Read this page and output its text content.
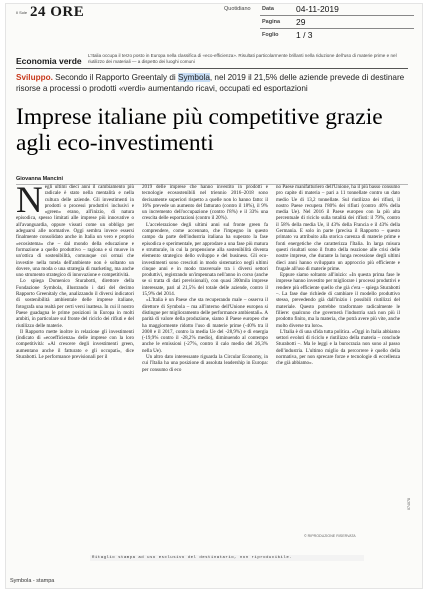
Il Sole 24 ORE	Quotidiano Data	04-11-2019
Pagina 29
Foglio 1 / 3
Economia verde
L'Italia occupa il terzo posto in Europa nella classifica di «eco-efficienza». Risultati particolarmente brillanti nella riduzione dell'uso di materie prime e nel riutilizzo dei materiali — a dispetto dei luoghi comuni
Sviluppo. Secondo il Rapporto Greentaly di Symbola, nel 2019 il 21,5% delle aziende prevede di destinare risorse a processi o prodotti «verdi» aumentando ricavi, occupati ed esportazioni
Imprese italiane più competitive grazie agli eco-investimenti
Giovanna Mancini

Negli ultimi dieci anni il cambiamento più radicale è stato nella mentalità e nella cultura delle aziende. Gli investimenti in prodotti o processi produttivi inclusivi e «green» erano, all'inizio, di natura episodica, spesso limitati alle imprese più innovative o all'avanguardia, oppure vissuti come un obbligo per adeguarsi alle normative. Oggi sembra invece essersi finalmente consolidato anche in Italia un vero e proprio «ecosistema» che – dal mondo della educazione e formazione a quello produttivo – ragiona e si muove in un'ottica di sostenibilità, comunque coi ormai che investire nella tutela dell'ambiente non è soltanto un dovere, una moda o una strategia di marketing, ma anche uno strumento strategico di innovazione e competitività.

Lo spiega Domenico Sturabotti, direttore della Fondazione Symbola, illustrando i dati del decimo Rapporto Greenitaly che, analizzando il diversi indicatori di sostenibilità ambientale delle imprese italiane, fotografa una realtà per certi versi inattesa. In cui il nostro Paese guadagna le prime posizioni in Europa in molti ambiti, in particolare sul fronte del riciclo dei rifiuti e del riutilizzo delle materie.

Il Rapporto mette inoltre in relazione gli investimenti (indicato di «ecoefficienza» delle imprese con la loro competitività: «Al crescere degli investimenti green, aumentano anche il fatturato e gli occupati», dice Sturabotti. Le performance previsionali per il

2019 delle imprese che hanno investito in prodotti e tecnologie ecosostenibili nel triennio 2016–2018 sono decisamente superiori rispetto a quelle non lo hanno fatto: il 16% prevede un aumento del fatturato (contro il 18%), il 9% un incremento dell'occupazione (contro l'8%) e il 33% una crescita delle esportazioni (contro il 20%).

L'accelerazione degli ultimi anni sul fronte green fa comprendere, come accennato, che l'impegno in questo campo da parte dell'industria italiana ha superato la fase episodica e sperimentale, per approdare a una fase più matura e strutturale, in cui la propensione alla sostenibilità diventa elemento strategico dello sviluppo e del business. Gli eco-investimenti sono cresciuti in modo sistematico negli ultimi cinque anni e in modo trasversale tra i diversi settori produttivi, registrando un'impennata nell'anno in corso (anche se si tratta di dati previsionali), con quasi 300mila imprese interessate, pari al 21,5% del totale delle aziende, contro il 15,9% del 2014.

«L'Italia è un Paese che sta recuperando male – osserva il direttore di Symbola – ma all'interno dell'Unione europea si distingue per miglioramento delle performance ambientali». A parità di valore della produzione, siamo il Paese europeo che ha maggiormente ridotto l'uso di materie prime (-40% tra il 2008 e il 2017, contro la media Ue del -28,9%) e di energia (-19,9% contro il -28,2% medio), diminuendo al contempo anche le emissioni (-27%, contro il calo medio del 26,3% nella Ue).

Un altro dato interessante riguarda la Circular Economy, in cui l'Italia ha una posizione di assoluta leadership in Europa: per consumo di eco

no Paese manifatturiero dell'Unione, ha il più basso consumo pro capite di materia – pari a 11 tonnellate contro un dato medio Ue di 13,2 tonnellate. Sul riutilizzo dei rifiuti, il nostro Paese recupera l'80% dei rifiuti (contro 40% della media Ue). Nel 2016 il Paese europeo con la più alta percentuale di riciclo sulla totalità dei rifiuti: il 79%, contro il 58% della media Ue, il 43% della Francia e il 43% della Germania. E solo in parte (precisa il Rapporto – questo primato va attribuito alla storica carenza di materie prime e fonti energetiche che caratterizza l'Italia. In larga misura questi risultati sono il frutto della reazione alle crisi delle nostre imprese, che durante la lunga recessione degli ultimi dieci anni hanno sviluppato un approccio più efficiente e frugale all'uso di materie prime.

Eppure siamo soltanto all'inizio: «In questa prima fase le imprese hanno investito per migliorare i processi produttivi e rendere più efficiente quello che già c'era – spiega Sturabotti –. La fase due richiede di cambiare il modello produttivo stesso, prevedendo già dall'inizio i possibili riutilizzi del materiale. Questo potrebbe trasformare radicalmente le filiere: qualcuno che governerà l'industria sarà non più il prodotto finito, ma la materia, che potrà avere più vite, anche molto diverse tra loro».

L'Italia è di una sfida tutta politica. «Oggi in Italia abbiamo settori evoluti di riciclo e riutilizzo della materia – conclude Sturabotti –. Ma le leggi e la burocrazia non sono al passo dell'industria. L'ultimo miglio da percorrere è quello della normativa, per non sprecare forze e tecnologie di eccellenza che già abbiamo».

© RIPRODUZIONE RISERVATA
074078
Ritaglio stampa ad uso esclusivo del destinatario, non riproducibile.
Symbola - stampa
